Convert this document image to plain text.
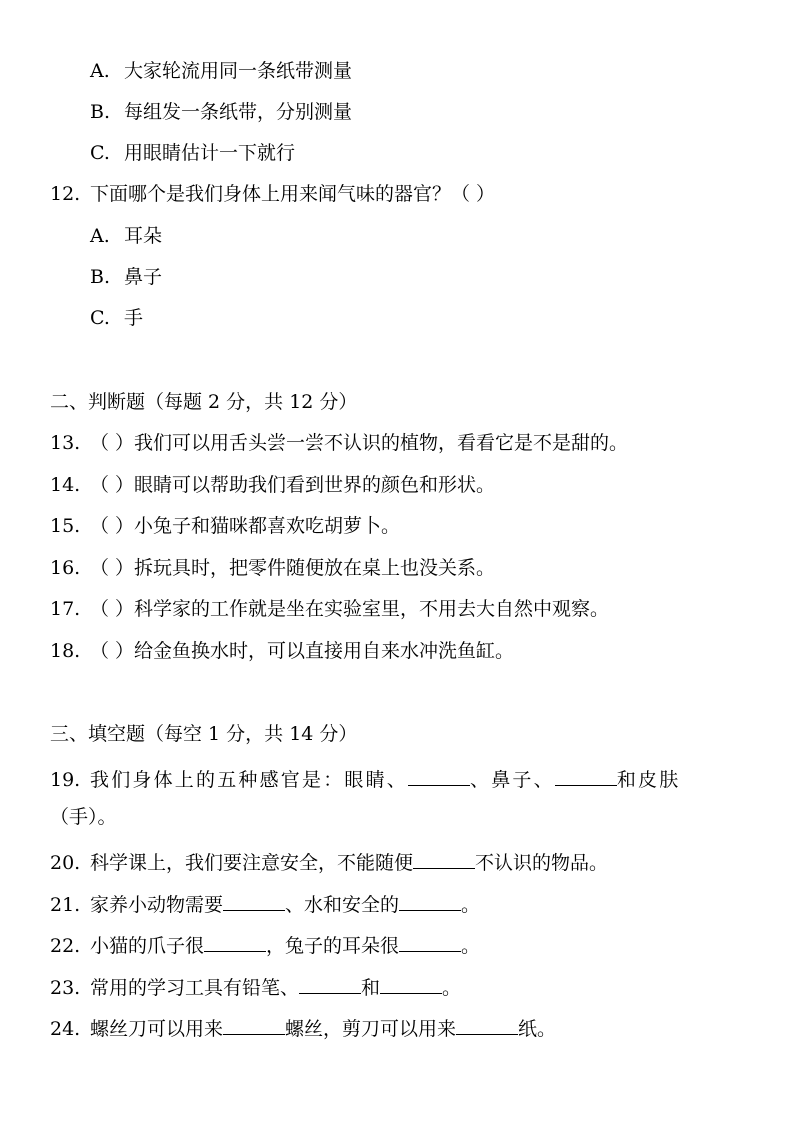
A. 大家轮流用同一条纸带测量
B. 每组发一条纸带，分别测量
C. 用眼睛估计一下就行
12. 下面哪个是我们身体上用来闻气味的器官？（ ）
A. 耳朵
B. 鼻子
C. 手
二、判断题（每题 2 分，共 12 分）
13. （ ）我们可以用舌头尝一尝不认识的植物，看看它是不是甜的。
14. （ ）眼睛可以帮助我们看到世界的颜色和形状。
15. （ ）小兔子和猫咪都喜欢吃胡萝卜。
16. （ ）拆玩具时，把零件随便放在桌上也没关系。
17. （ ）科学家的工作就是坐在实验室里，不用去大自然中观察。
18. （ ）给金鱼换水时，可以直接用自来水冲洗鱼缸。
三、填空题（每空 1 分，共 14 分）
19. 我们身体上的五种感官是：眼睛、	、鼻子、	和皮肤
（手）。
20. 科学课上，我们要注意安全，不能随便	不认识的物品。
21. 家养小动物需要	、水和安全的	。
22. 小猫的爪子很	，兔子的耳朵很	。
23. 常用的学习工具有铅笔、	和	。
24. 螺丝刀可以用来	螺丝，剪刀可以用来	纸。
